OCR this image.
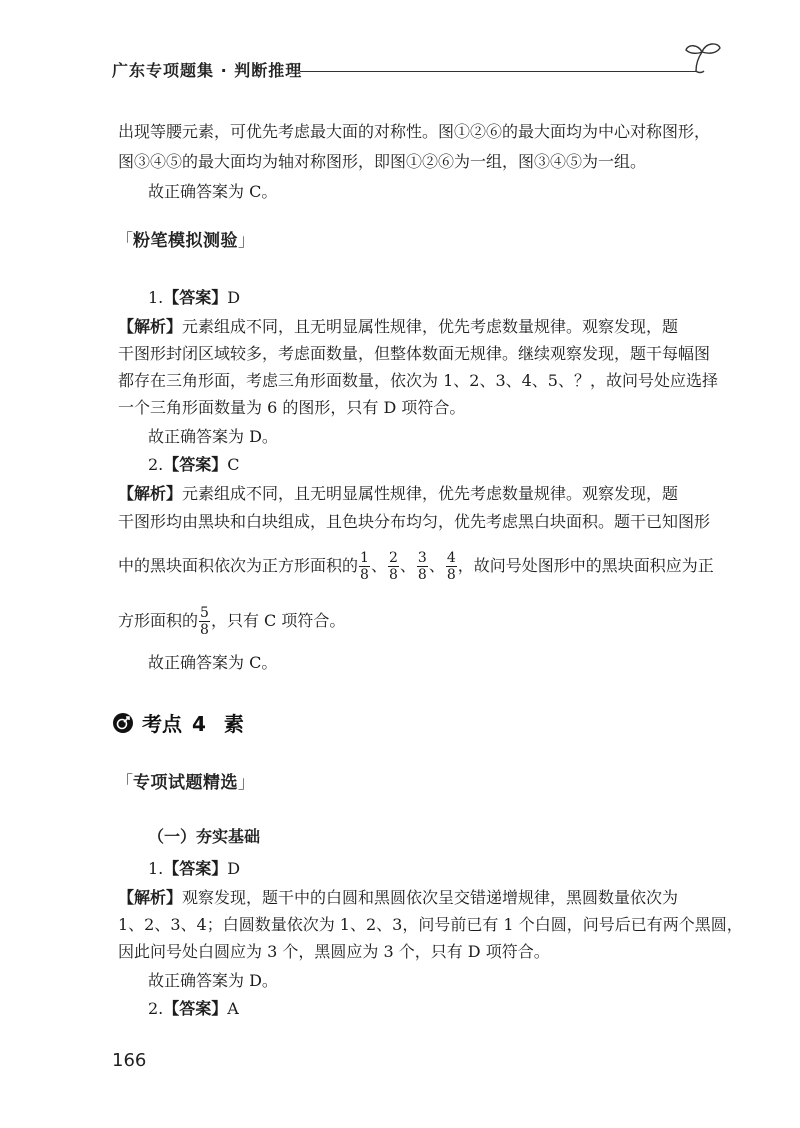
广东专项题集 · 判断推理
出现等腰元素，可优先考虑最大面的对称性。图①②⑥的最大面均为中心对称图形，
图③④⑤的最大面均为轴对称图形，即图①②⑥为一组，图③④⑤为一组。
故正确答案为 C。
「粉笔模拟测验」
1.【答案】D
【解析】元素组成不同，且无明显属性规律，优先考虑数量规律。观察发现，题
干图形封闭区域较多，考虑面数量，但整体数面无规律。继续观察发现，题干每幅图
都存在三角形面，考虑三角形面数量，依次为 1、2、3、4、5、？，故问号处应选择
一个三角形面数量为 6 的图形，只有 D 项符合。
故正确答案为 D。
2.【答案】C
【解析】元素组成不同，且无明显属性规律，优先考虑数量规律。观察发现，题
干图形均由黑块和白块组成，且色块分布均匀，优先考虑黑白块面积。题干已知图形
中的黑块面积依次为正方形面积的 $\frac{1}{8}$ 、 $\frac{2}{8}$ 、 $\frac{3}{8}$ 、 $\frac{4}{8}$ ，故问号处图形中的黑块面积应为正
方形面积的 $\frac{5}{8}$ ，只有 C 项符合。
故正确答案为 C。
考点 4 素
「专项试题精选」
（一）夯实基础
1.【答案】D
【解析】观察发现，题干中的白圆和黑圆依次呈交错递增规律，黑圆数量依次为
1、2、3、4；白圆数量依次为 1、2、3，问号前已有 1 个白圆，问号后已有两个黑圆，
因此问号处白圆应为 3 个，黑圆应为 3 个，只有 D 项符合。
故正确答案为 D。
2.【答案】A
166
